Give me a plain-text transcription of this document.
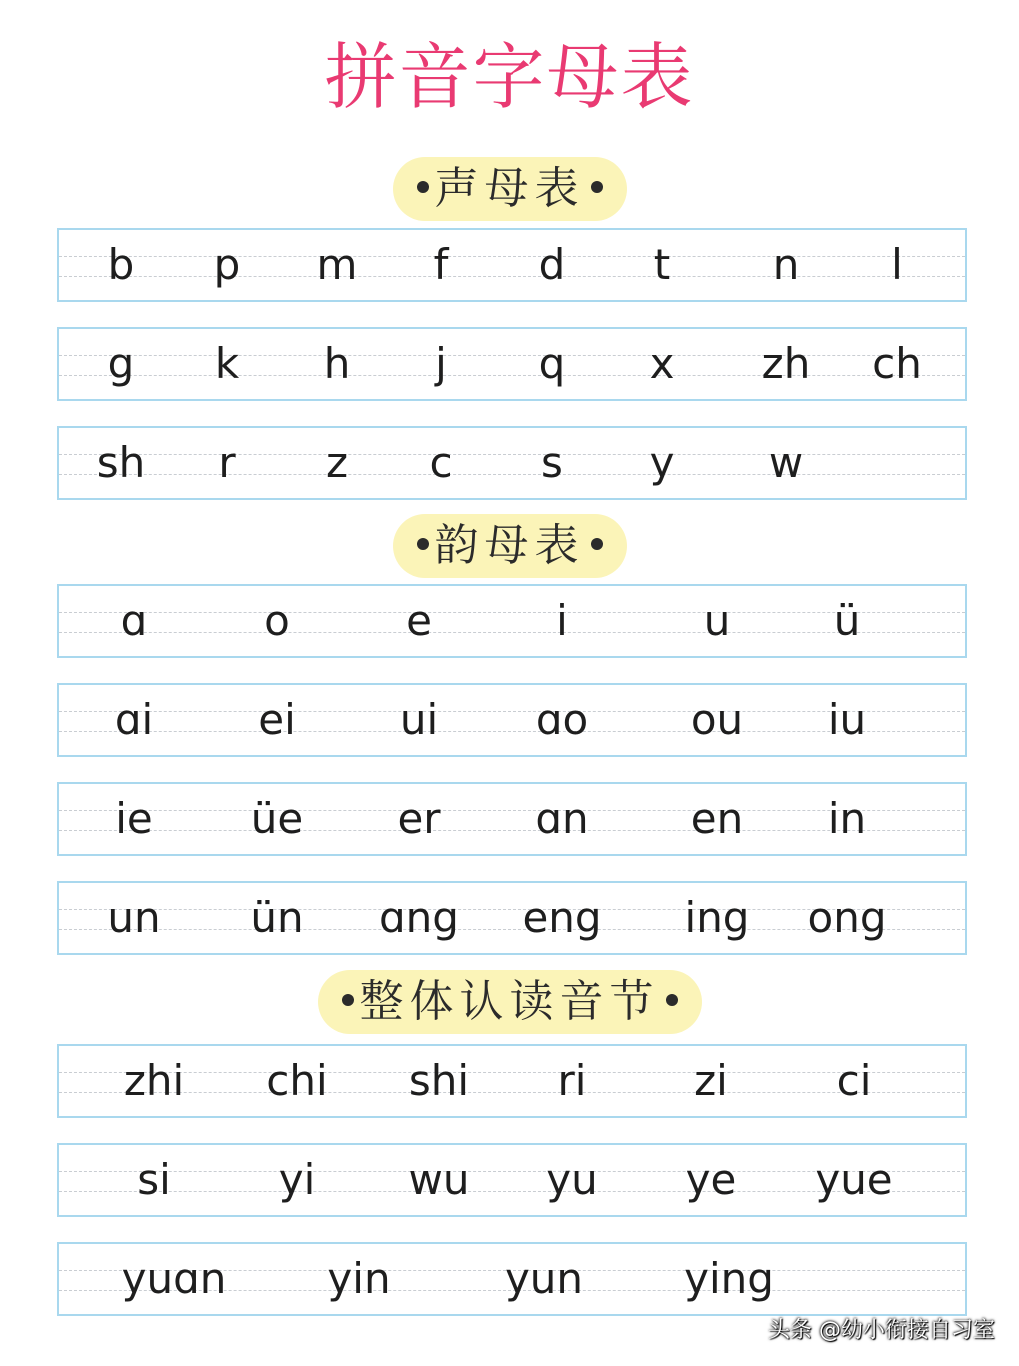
拼音字母表
声母表
韵母表
整体认读音节
b p m f d t n l
g k h j q x zh ch
sh r z c s y w
ɑ	o	e	i	u ü
ɑi	ei ui ɑo ou iu
ie üe er ɑn en in
un ün ɑng eng ing ong
zhi chi shi ri	zi	ci
si	yi wu yu ye yue
yuɑn yin	yun ying
头条 @幼小衔接自习室
